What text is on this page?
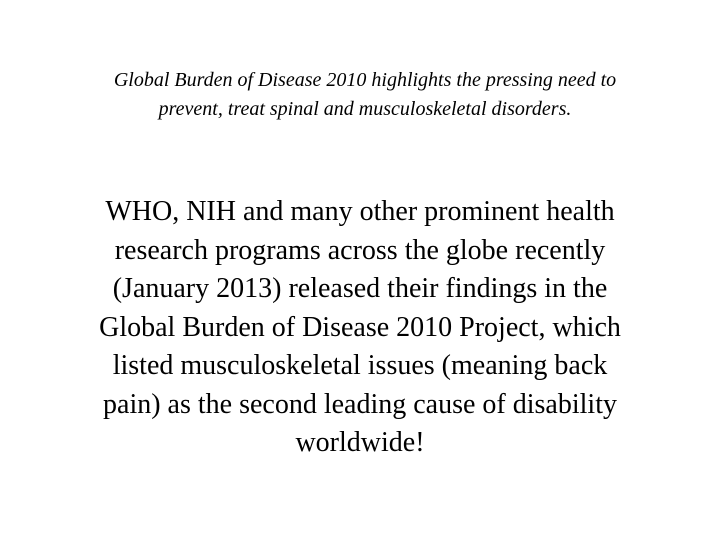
Global Burden of Disease 2010 highlights the pressing need to
prevent, treat spinal and musculoskeletal disorders.
WHO, NIH and many other prominent health
research programs across the globe recently
(January 2013) released their findings in the
Global Burden of Disease 2010 Project, which
listed musculoskeletal issues (meaning back
pain) as the second leading cause of disability
worldwide!
